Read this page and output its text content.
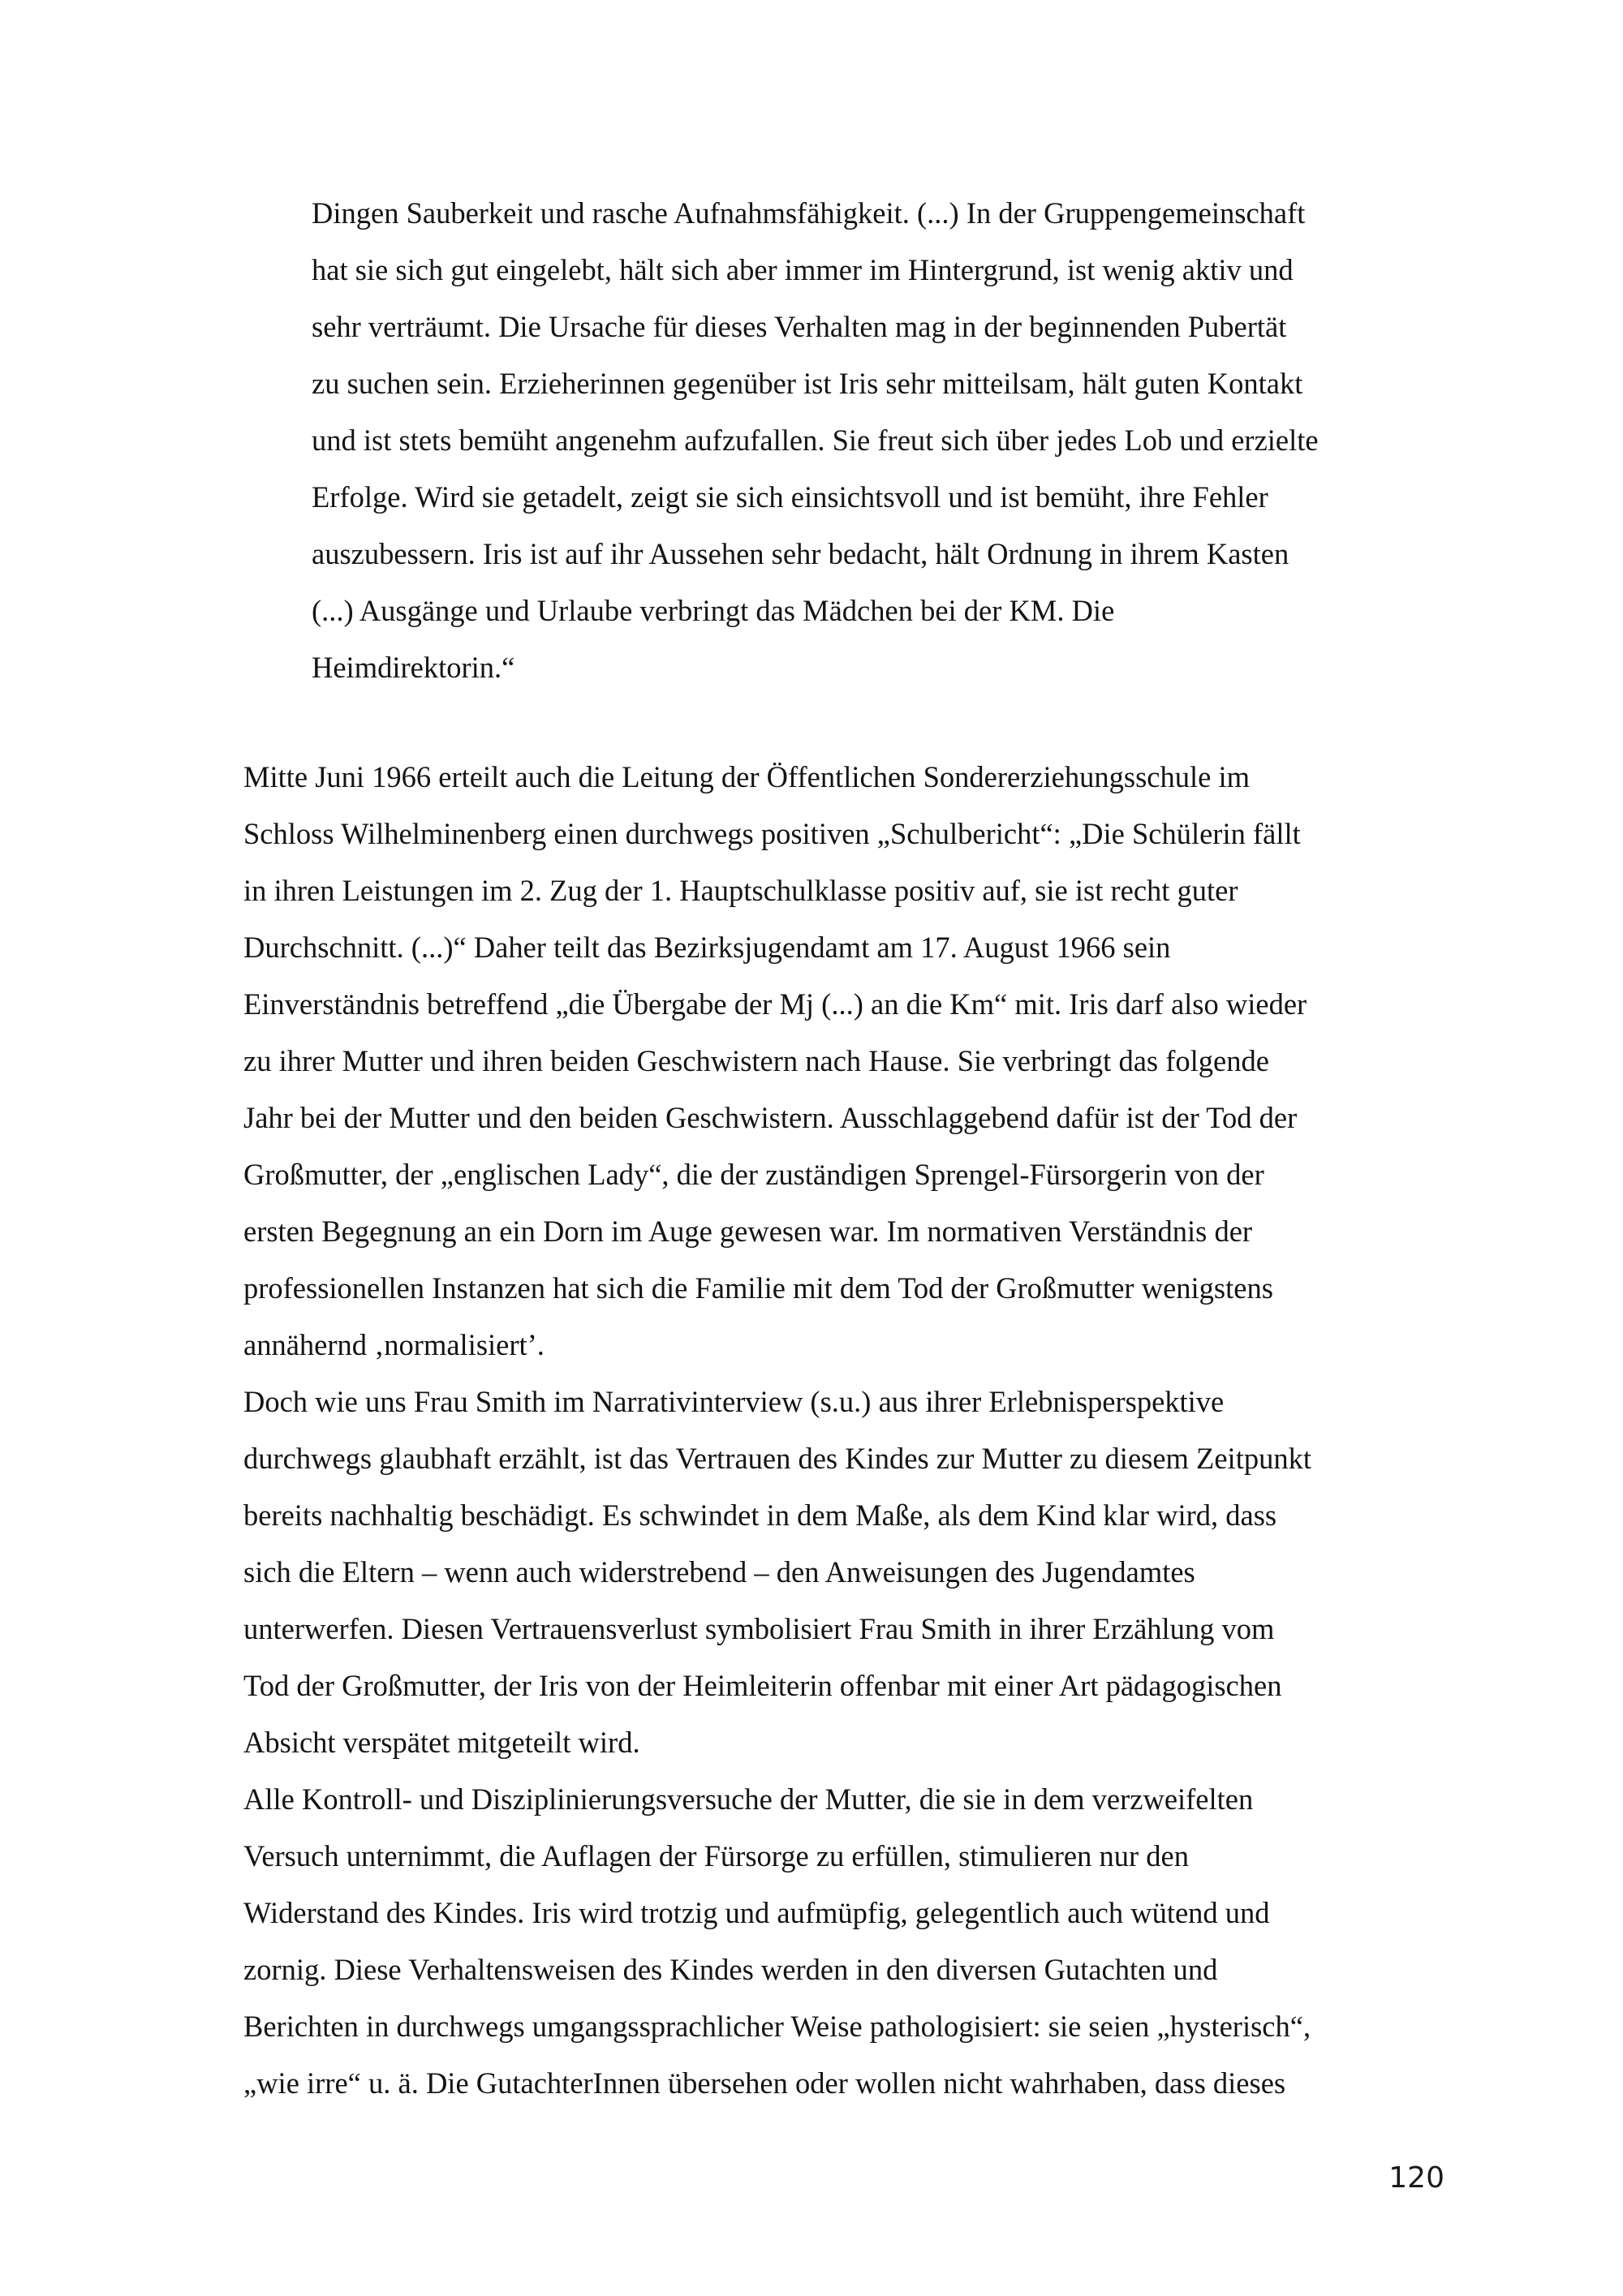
Dingen Sauberkeit und rasche Aufnahmsfähigkeit. (...) In der Gruppengemeinschaft
hat sie sich gut eingelebt, hält sich aber immer im Hintergrund, ist wenig aktiv und
sehr verträumt. Die Ursache für dieses Verhalten mag in der beginnenden Pubertät
zu suchen sein. Erzieherinnen gegenüber ist Iris sehr mitteilsam, hält guten Kontakt
und ist stets bemüht angenehm aufzufallen. Sie freut sich über jedes Lob und erzielte
Erfolge. Wird sie getadelt, zeigt sie sich einsichtsvoll und ist bemüht, ihre Fehler
auszubessern. Iris ist auf ihr Aussehen sehr bedacht, hält Ordnung in ihrem Kasten
(...) Ausgänge und Urlaube verbringt das Mädchen bei der KM. Die
Heimdirektorin.“

Mitte Juni 1966 erteilt auch die Leitung der Öffentlichen Sondererziehungsschule im
Schloss Wilhelminenberg einen durchwegs positiven „Schulbericht“: „Die Schülerin fällt
in ihren Leistungen im 2. Zug der 1. Hauptschulklasse positiv auf, sie ist recht guter
Durchschnitt. (...)“ Daher teilt das Bezirksjugendamt am 17. August 1966 sein
Einverständnis betreffend „die Übergabe der Mj (...) an die Km“ mit. Iris darf also wieder
zu ihrer Mutter und ihren beiden Geschwistern nach Hause. Sie verbringt das folgende
Jahr bei der Mutter und den beiden Geschwistern. Ausschlaggebend dafür ist der Tod der
Großmutter, der „englischen Lady“, die der zuständigen Sprengel-Fürsorgerin von der
ersten Begegnung an ein Dorn im Auge gewesen war. Im normativen Verständnis der
professionellen Instanzen hat sich die Familie mit dem Tod der Großmutter wenigstens
annähernd ‚normalisiert’.

Doch wie uns Frau Smith im Narrativinterview (s.u.) aus ihrer Erlebnisperspektive
durchwegs glaubhaft erzählt, ist das Vertrauen des Kindes zur Mutter zu diesem Zeitpunkt
bereits nachhaltig beschädigt. Es schwindet in dem Maße, als dem Kind klar wird, dass
sich die Eltern – wenn auch widerstrebend – den Anweisungen des Jugendamtes
unterwerfen. Diesen Vertrauensverlust symbolisiert Frau Smith in ihrer Erzählung vom
Tod der Großmutter, der Iris von der Heimleiterin offenbar mit einer Art pädagogischen
Absicht verspätet mitgeteilt wird.

Alle Kontroll- und Disziplinierungsversuche der Mutter, die sie in dem verzweifelten
Versuch unternimmt, die Auflagen der Fürsorge zu erfüllen, stimulieren nur den
Widerstand des Kindes. Iris wird trotzig und aufmüpfig, gelegentlich auch wütend und
zornig. Diese Verhaltensweisen des Kindes werden in den diversen Gutachten und
Berichten in durchwegs umgangssprachlicher Weise pathologisiert: sie seien „hysterisch“,
„wie irre“ u. ä. Die GutachterInnen übersehen oder wollen nicht wahrhaben, dass dieses

120
